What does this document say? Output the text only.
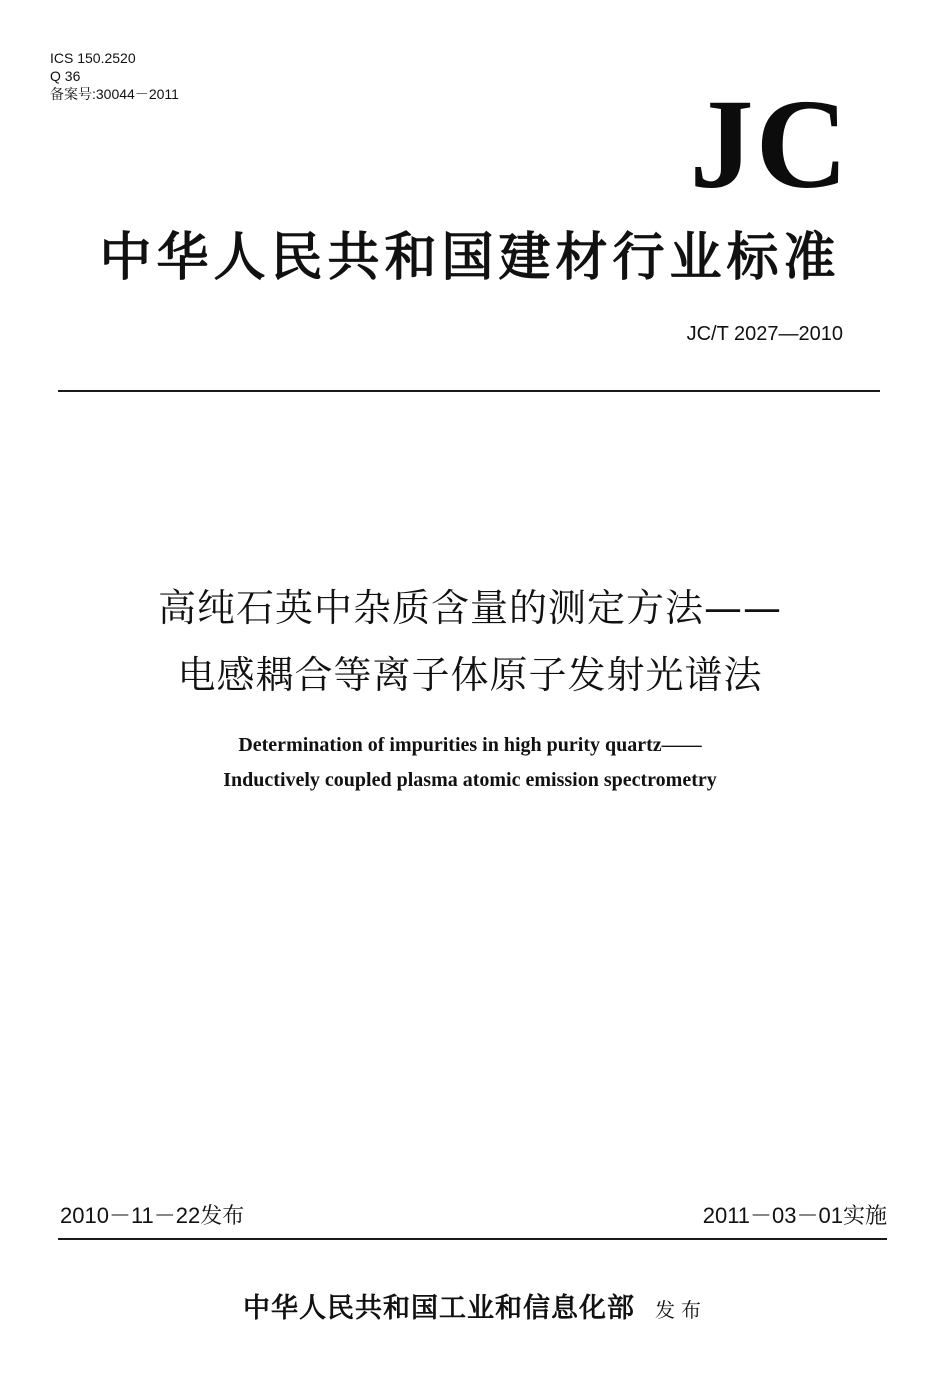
ICS 150.2520
Q 36
备案号:30044－2011	JC
中华人民共和国建材行业标准
JC/T 2027—2010
高纯石英中杂质含量的测定方法——
电感耦合等离子体原子发射光谱法
Determination of impurities in high purity quartz——
Inductively coupled plasma atomic emission spectrometry
2010－11－22发布	2011－03－01实施
中华人民共和国工业和信息化部 发布
